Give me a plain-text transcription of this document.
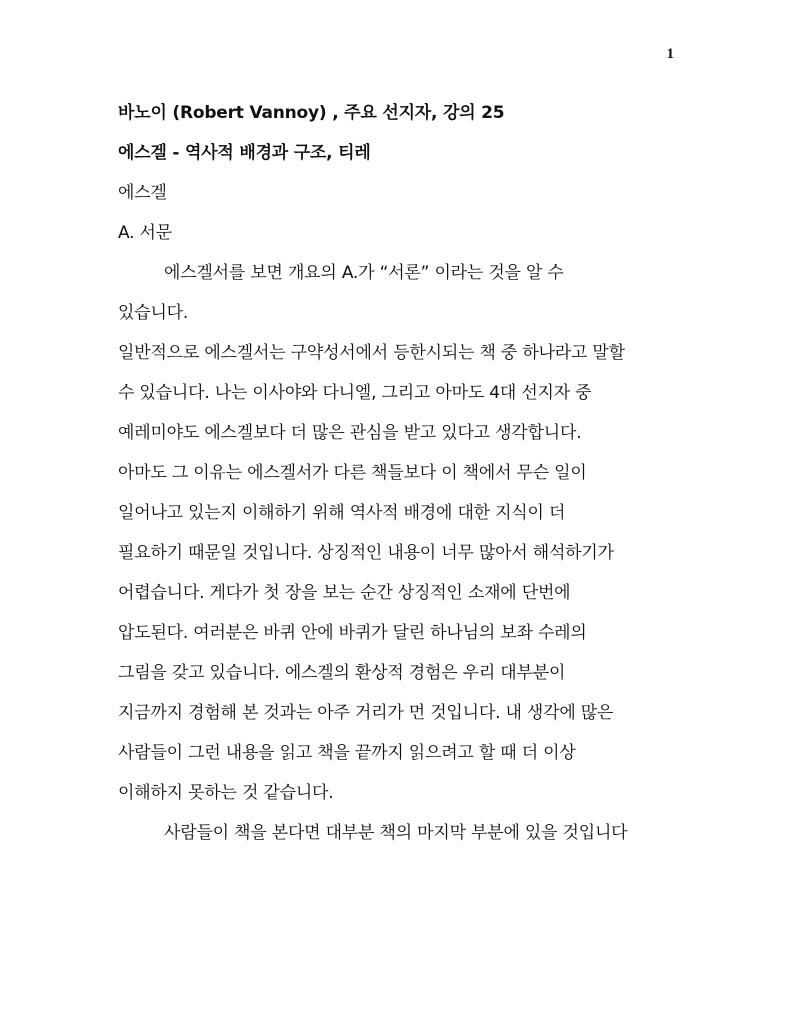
1
바노이 (Robert Vannoy) , 주요 선지자, 강의 25
에스겔 - 역사적 배경과 구조, 티레
에스겔
A. 서문
에스겔서를 보면 개요의 A.가 “서론” 이라는 것을 알 수
있습니다.
일반적으로 에스겔서는 구약성서에서 등한시되는 책 중 하나라고 말할
수 있습니다. 나는 이사야와 다니엘, 그리고 아마도 4대 선지자 중
예레미야도 에스겔보다 더 많은 관심을 받고 있다고 생각합니다.
아마도 그 이유는 에스겔서가 다른 책들보다 이 책에서 무슨 일이
일어나고 있는지 이해하기 위해 역사적 배경에 대한 지식이 더
필요하기 때문일 것입니다. 상징적인 내용이 너무 많아서 해석하기가
어렵습니다. 게다가 첫 장을 보는 순간 상징적인 소재에 단번에
압도된다. 여러분은 바퀴 안에 바퀴가 달린 하나님의 보좌 수레의
그림을 갖고 있습니다. 에스겔의 환상적 경험은 우리 대부분이
지금까지 경험해 본 것과는 아주 거리가 먼 것입니다. 내 생각에 많은
사람들이 그런 내용을 읽고 책을 끝까지 읽으려고 할 때 더 이상
이해하지 못하는 것 같습니다.
사람들이 책을 본다면 대부분 책의 마지막 부분에 있을 것입니다
